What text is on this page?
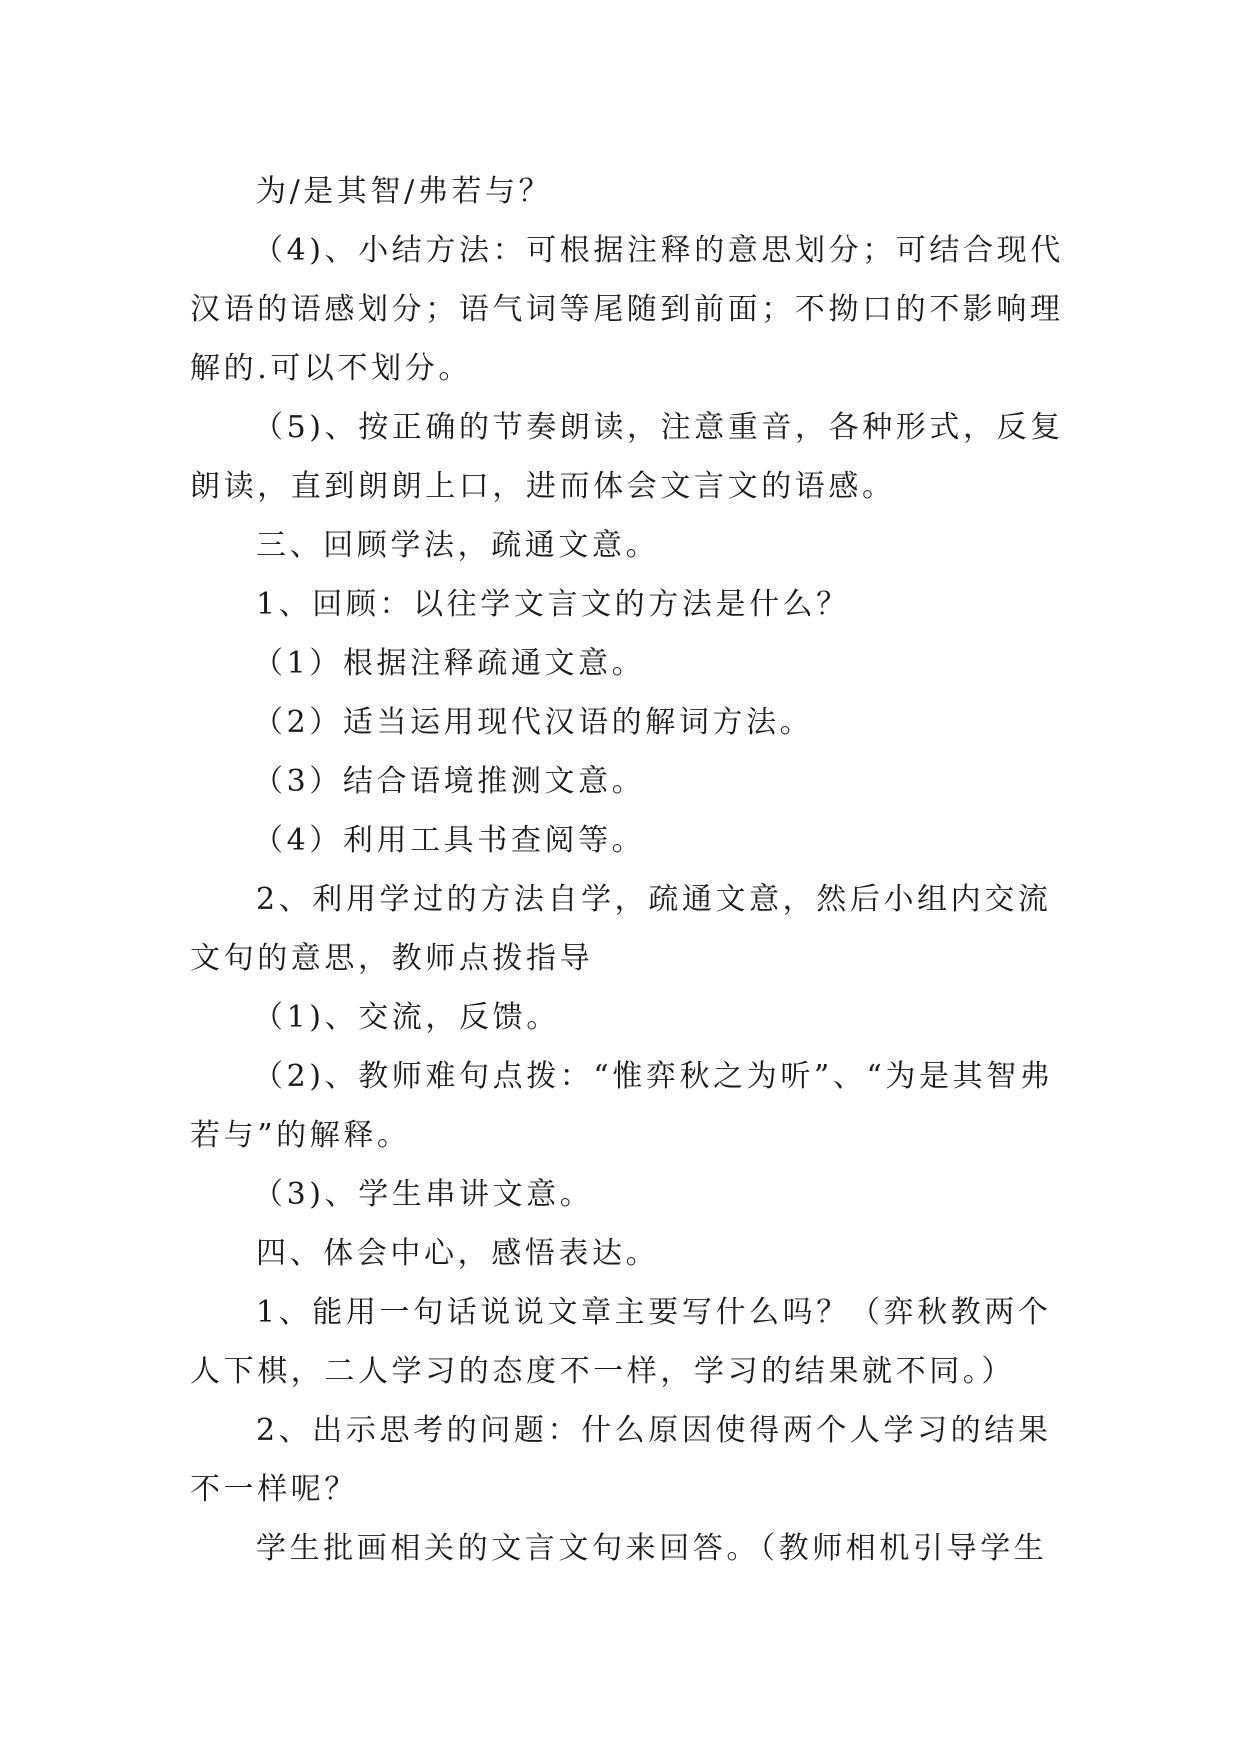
为/是其智/弗若与？

（4)、小结方法：可根据注释的意思划分；可结合现代

汉语的语感划分；语气词等尾随到前面；不拗口的不影响理

解的.可以不划分。

（5)、按正确的节奏朗读，注意重音，各种形式，反复

朗读，直到朗朗上口，进而体会文言文的语感。

三、回顾学法，疏通文意。

1、回顾：以往学文言文的方法是什么？

（1）根据注释疏通文意。

（2）适当运用现代汉语的解词方法。

（3）结合语境推测文意。

（4）利用工具书查阅等。

2、利用学过的方法自学，疏通文意，然后小组内交流

文句的意思，教师点拨指导

（1)、交流，反馈。

（2)、教师难句点拨：“惟弈秋之为听”、“为是其智弗

若与”的解释。

（3)、学生串讲文意。

四、体会中心，感悟表达。

1、能用一句话说说文章主要写什么吗？（弈秋教两个

人下棋，二人学习的态度不一样，学习的结果就不同。）

2、出示思考的问题：什么原因使得两个人学习的结果

不一样呢？

学生批画相关的文言文句来回答。（教师相机引导学生
